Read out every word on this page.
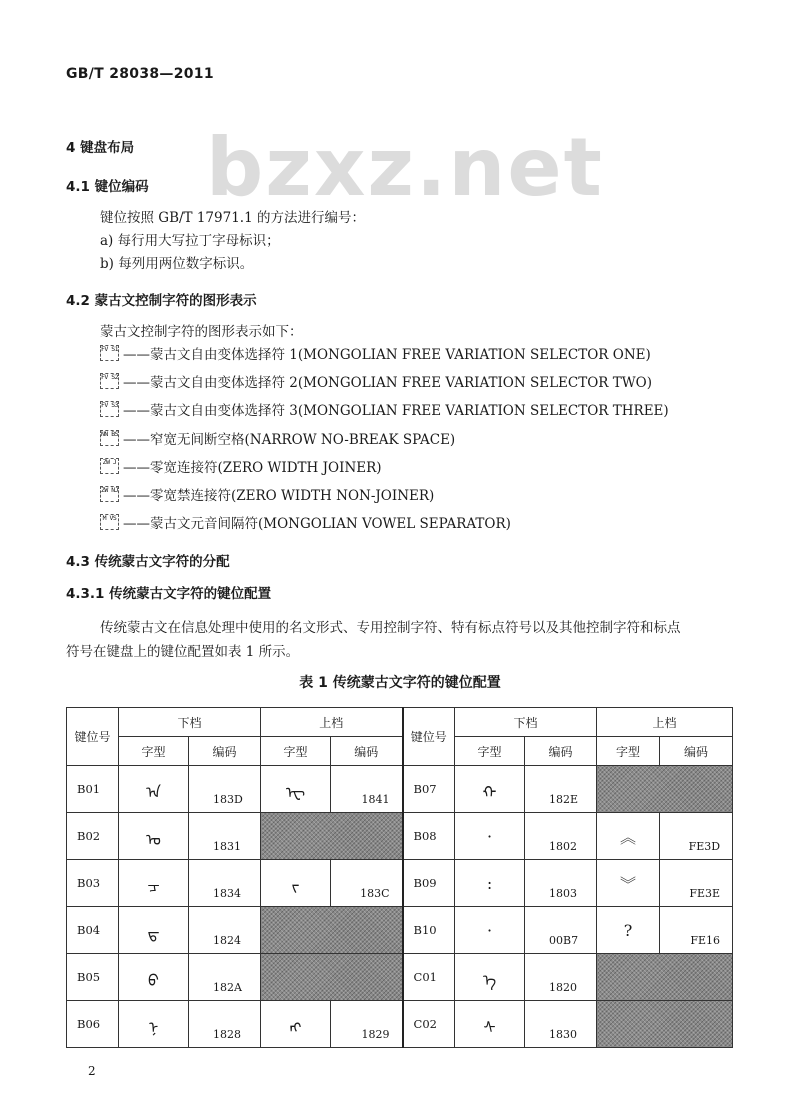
GB/T 28038—2011
bzxz.net
4 键盘布局
4.1 键位编码
键位按照 GB/T 17971.1 的方法进行编号：
a) 每行用大写拉丁字母标识；
b) 每列用两位数字标识。
4.2 蒙古文控制字符的图形表示
蒙古文控制字符的图形表示如下：
FV S1 ——蒙古文自由变体选择符 1(MONGOLIAN FREE VARIATION SELECTOR ONE)
FV S2 ——蒙古文自由变体选择符 2(MONGOLIAN FREE VARIATION SELECTOR TWO)
FV S3 ——蒙古文自由变体选择符 3(MONGOLIAN FREE VARIATION SELECTOR THREE)
NN BS ——窄宽无间断空格(NARROW NO-BREAK SPACE)
ZW J ——零宽连接符(ZERO WIDTH JOINER)
ZW NJ ——零宽禁连接符(ZERO WIDTH NON-JOINER)
M VS ——蒙古文元音间隔符(MONGOLIAN VOWEL SEPARATOR)
4.3 传统蒙古文字符的分配
4.3.1 传统蒙古文字符的键位配置
传统蒙古文在信息处理中使用的名文形式、专用控制字符、特有标点符号以及其他控制字符和标点
符号在键盘上的键位配置如表 1 所示。
表 1 传统蒙古文字符的键位配置
键位号	下档		上档		键位号	下档		上档	
	字型	编码	字型	编码		字型	编码	字型	编码
B01	ᠠ	183D	ᠧ	1841	B07	ᠬ	182E		

B02	ᠤ	1831			B08	·	1802	︽	FE3D

B03	ᠴ	1834	ᠵ	183C	B09	:	1803	︾	FE3E

B04	ᠳ	1824			B10	·	00B7	?	FE16

B05	ᠪ	182A			C01	ᠡ	1820		

B06	ᠨ	1828	ᠩ	1829	C02	ᠰ	1830		

2
